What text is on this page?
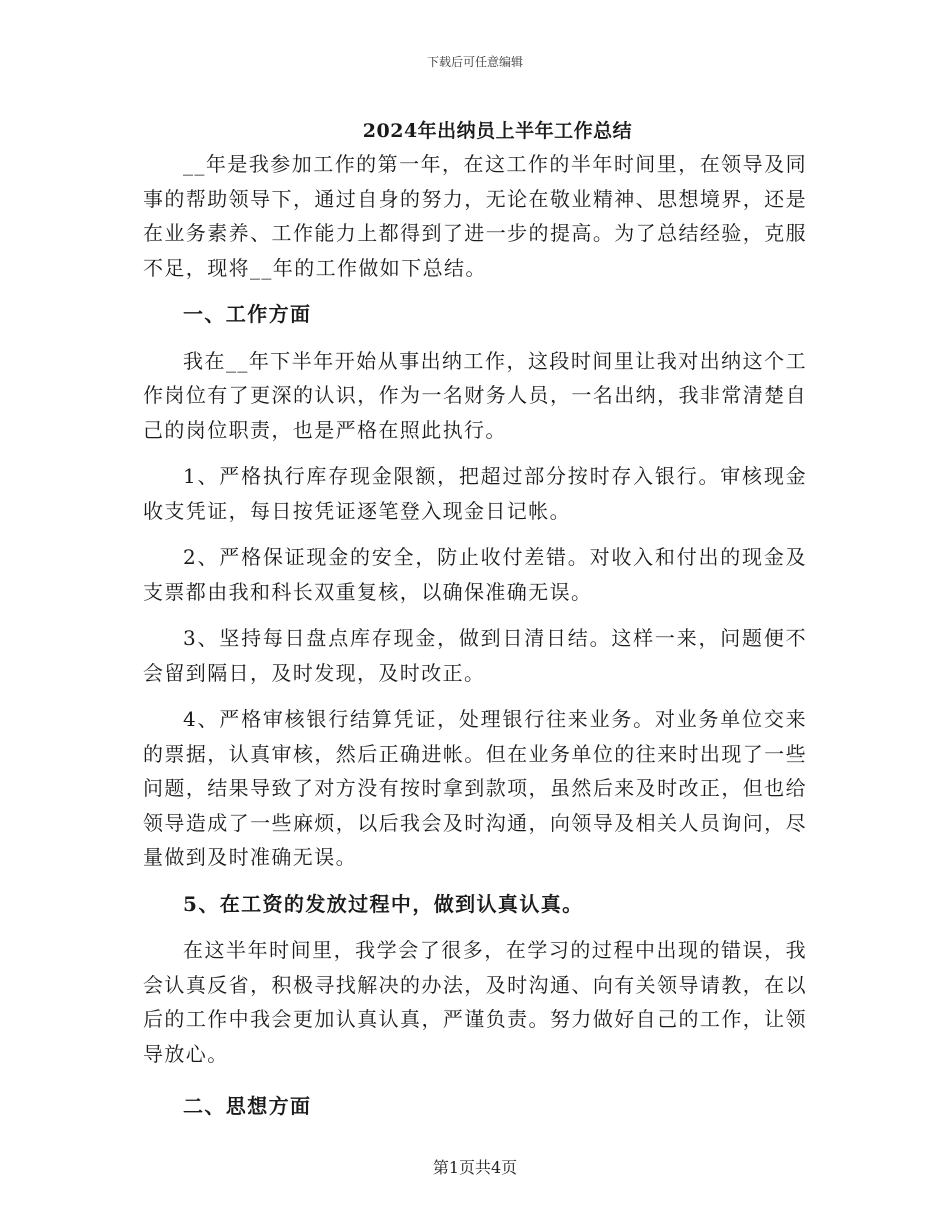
下载后可任意编辑
2024年出纳员上半年工作总结

__年是我参加工作的第一年，在这工作的半年时间里，在领导及同事的帮助领导下，通过自身的努力，无论在敬业精神、思想境界，还是在业务素养、工作能力上都得到了进一步的提高。为了总结经验，克服不足，现将__年的工作做如下总结。

一、工作方面

我在__年下半年开始从事出纳工作，这段时间里让我对出纳这个工作岗位有了更深的认识，作为一名财务人员，一名出纳，我非常清楚自己的岗位职责，也是严格在照此执行。

1、严格执行库存现金限额，把超过部分按时存入银行。审核现金收支凭证，每日按凭证逐笔登入现金日记帐。

2、严格保证现金的安全，防止收付差错。对收入和付出的现金及支票都由我和科长双重复核，以确保准确无误。

3、坚持每日盘点库存现金，做到日清日结。这样一来，问题便不会留到隔日，及时发现，及时改正。

4、严格审核银行结算凭证，处理银行往来业务。对业务单位交来的票据，认真审核，然后正确进帐。但在业务单位的往来时出现了一些问题，结果导致了对方没有按时拿到款项，虽然后来及时改正，但也给领导造成了一些麻烦，以后我会及时沟通，向领导及相关人员询问，尽量做到及时准确无误。

5、在工资的发放过程中，做到认真认真。

在这半年时间里，我学会了很多，在学习的过程中出现的错误，我会认真反省，积极寻找解决的办法，及时沟通、向有关领导请教，在以后的工作中我会更加认真认真，严谨负责。努力做好自己的工作，让领导放心。

二、思想方面

第1页共4页
